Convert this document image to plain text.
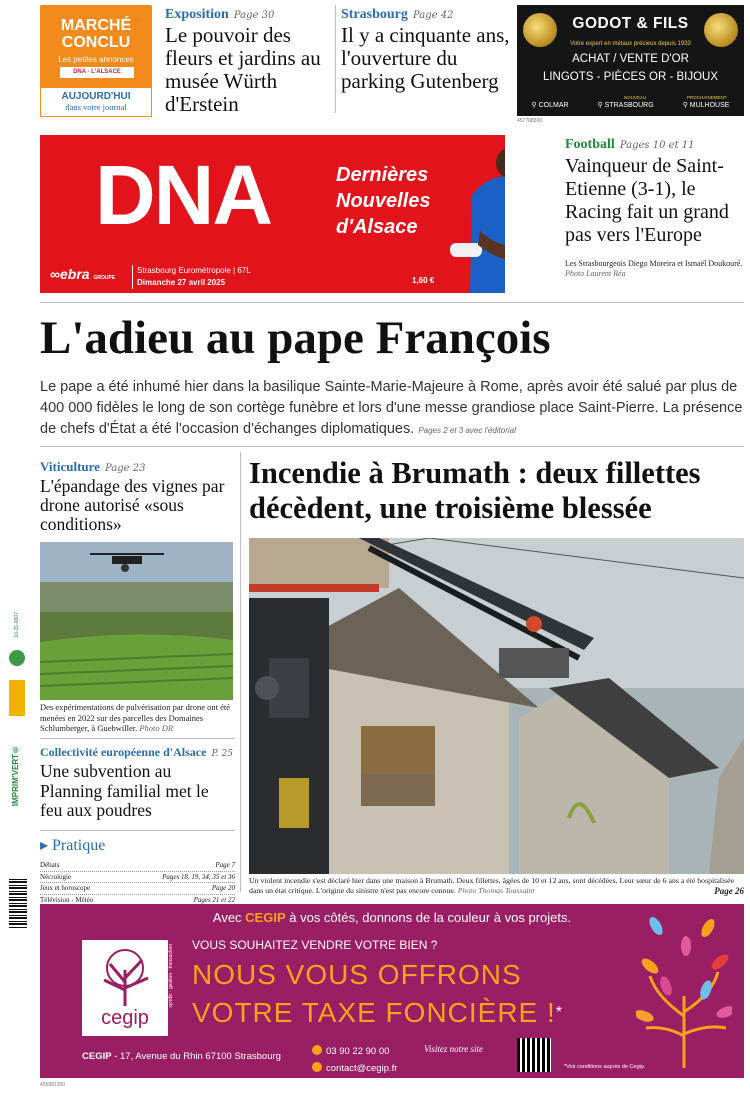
MARCHÉ
CONCLU
Les petites annonces
DNA · L'ALSACE
AUJOURD'HUI
dans votre journal
Exposition Page 30
Le pouvoir des fleurs et jardins au musée Würth d'Erstein
Strasbourg Page 42
Il y a cinquante ans, l'ouverture du parking Gutenberg
GODOT & FILS
Votre expert en métaux précieux depuis 1933
ACHAT / VENTE D'OR
LINGOTS - PIÈCES OR - BIJOUX
NOUVEAU	PROCHAINEMENT
⚲ COLMAR	⚲ STRASBOURG	⚲ MULHOUSE
457708300
DNA	Dernières
Nouvelles
d'Alsace
∞ebra GROUPE
Strasbourg Eurométropole | 67L
Dimanche 27 avril 2025	1,60 €
MOREIRA
Football Pages 10 et 11
Vainqueur de Saint-Etienne (3-1), le Racing fait un grand pas vers l'Europe
Les Strasbourgeois Diego Moreira et Ismaël Doukouré. Photo Laurent Réa
L'adieu au pape François
Le pape a été inhumé hier dans la basilique Sainte-Marie-Majeure à Rome, après avoir été salué par plus de 400 000 fidèles le long de son cortège funèbre et lors d'une messe grandiose place Saint-Pierre. La présence de chefs d'État a été l'occasion d'échanges diplomatiques. Pages 2 et 3 avec l'éditorial
Viticulture Page 23
L'épandage des vignes par drone autorisé «sous conditions»
Des expérimentations de pulvérisation par drone ont été menées en 2022 sur des parcelles des Domaines Schlumberger, à Guebwiller. Photo DR
Collectivité européenne d'Alsace P. 25
Une subvention au Planning familial met le feu aux poudres
▸ Pratique
Débats	Page 7
Nécrologie	Pages 18, 19, 34, 35 et 36
Jeux et horoscope	Page 20
Télévision - Météo	Pages 21 et 22
10-31-1907
IMPRIM'VERT®
Incendie à Brumath : deux fillettes décèdent, une troisième blessée
Un violent incendie s'est déclaré hier dans une maison à Brumath. Deux fillettes, âgées de 10 et 12 ans, sont décédées. Leur sœur de 6 ans a été hospitalisée dans un état critique. L'origine du sinistre n'est pas encore connue. Photo Thomas Toussaint	Page 26
Avec CEGIP à vos côtés, donnons de la couleur à vos projets.
cegip
syndic · gestion · transaction VOUS SOUHAITEZ VENDRE VOTRE BIEN ?
NOUS VOUS OFFRONS
VOTRE TAXE FONCIÈRE !*
CEGIP - 17, Avenue du Rhin 67100 Strasbourg	03 90 22 90 00
contact@cegip.fr
Visitez notre site
*Voir conditions auprès de Cegip.
455881300
